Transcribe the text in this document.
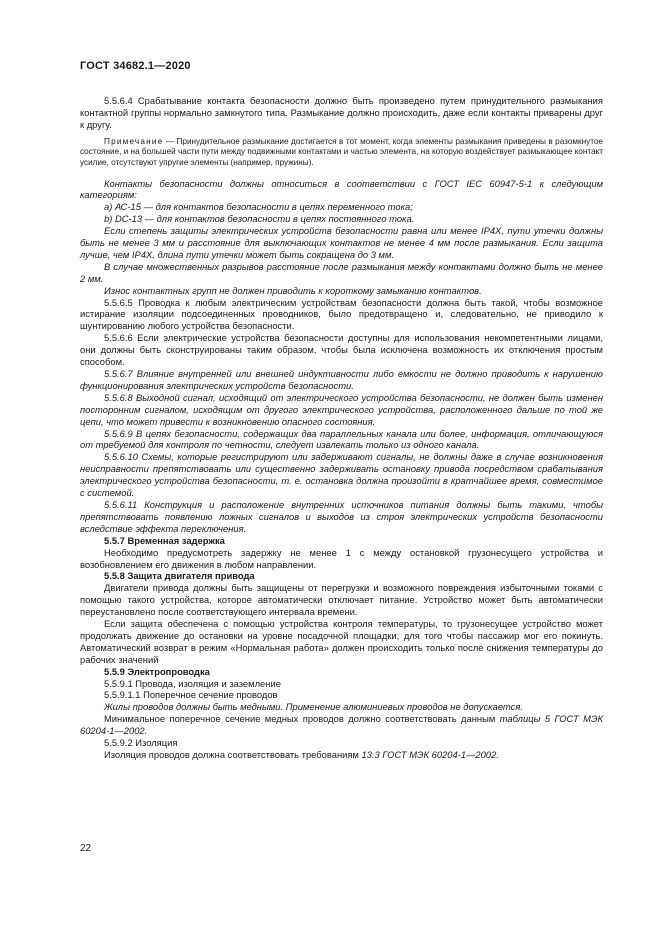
ГОСТ 34682.1—2020

5.5.6.4 Срабатывание контакта безопасности должно быть произведено путем принудительного размыкания контактной группы нормально замкнутого типа. Размыкание должно происходить, даже если контакты приварены друг к другу.

Примечание — Принудительное размыкание достигается в тот момент, когда элементы размыкания приведены в разомкнутое состояние, и на большей части пути между подвижными контактами и частью элемента, на которую воздействует размыкающее контакт усилие, отсутствуют упругие элементы (например, пружины).

Контакты безопасности должны относиться в соответствии с ГОСТ IEC 60947-5-1 к следующим категориям:

а) АС-15 — для контактов безопасности в цепях переменного тока;

b) DC-13 — для контактов безопасности в цепях постоянного тока.

Если степень защиты электрических устройств безопасности равна или менее IP4X, пути утечки должны быть не менее 3 мм и расстояние для выключающих контактов не менее 4 мм после размыкания. Если защита лучше, чем IP4X, длина пути утечки может быть сокращена до 3 мм.

В случае множественных разрывов расстояние после размыкания между контактами должно быть не менее 2 мм.

Износ контактных групп не должен приводить к короткому замыканию контактов.

5.5.6.5 Проводка к любым электрическим устройствам безопасности должна быть такой, чтобы возможное истирание изоляции подсоединенных проводников, было предотвращено и, следовательно, не приводило к шунтированию любого устройства безопасности.

5.5.6.6 Если электрические устройства безопасности доступны для использования некомпетентными лицами, они должны быть сконструированы таким образом, чтобы была исключена возможность их отключения простым способом.

5.5.6.7 Влияние внутренней или внешней индуктивности либо емкости не должно приводить к нарушению функционирования электрических устройств безопасности.

5.5.6.8 Выходной сигнал, исходящий от электрического устройства безопасности, не должен быть изменен посторонним сигналом, исходящим от другого электрического устройства, расположенного дальше по той же цепи, что может привести к возникновению опасного состояния.

5.5.6.9 В цепях безопасности, содержащих два параллельных канала или более, информация, отличающуюся от требуемой для контроля по четности, следует извлекать только из одного канала.

5.5.6.10 Схемы, которые регистрируют или задерживают сигналы, не должны даже в случае возникновения неисправности препятствовать или существенно задерживать остановку привода посредством срабатывания электрического устройства безопасности, т. е. остановка должна произойти в кратчайшее время, совместимое с системой.

5.5.6.11 Конструкция и расположение внутренних источников питания должны быть такими, чтобы препятствовать появлению ложных сигналов и выходов из строя электрических устройств безопасности вследствие эффекта переключения.

5.5.7 Временная задержка

Необходимо предусмотреть задержку не менее 1 с между остановкой грузонесущего устройства и возобновлением его движения в любом направлении.

5.5.8 Защита двигателя привода

Двигатели привода должны быть защищены от перегрузки и возможного повреждения избыточными токами с помощью такого устройства, которое автоматически отключает питание. Устройство может быть автоматически переустановлено после соответствующего интервала времени.

Если защита обеспечена с помощью устройства контроля температуры, то грузонесущее устройство может продолжать движение до остановки на уровне посадочной площадки, для того чтобы пассажир мог его покинуть. Автоматический возврат в режим «Нормальная работа» должен происходить только после снижения температуры до рабочих значений

5.5.9 Электропроводка

5.5.9.1 Провода, изоляция и заземление

5.5.9.1.1 Поперечное сечение проводов

Жилы проводов должны быть медными. Применение алюминиевых проводов не допускается.

Минимальное поперечное сечение медных проводов должно соответствовать данным таблицы 5 ГОСТ МЭК 60204-1—2002.

5.5.9.2 Изоляция

Изоляция проводов должна соответствовать требованиям 13.3 ГОСТ МЭК 60204-1—2002.

22
